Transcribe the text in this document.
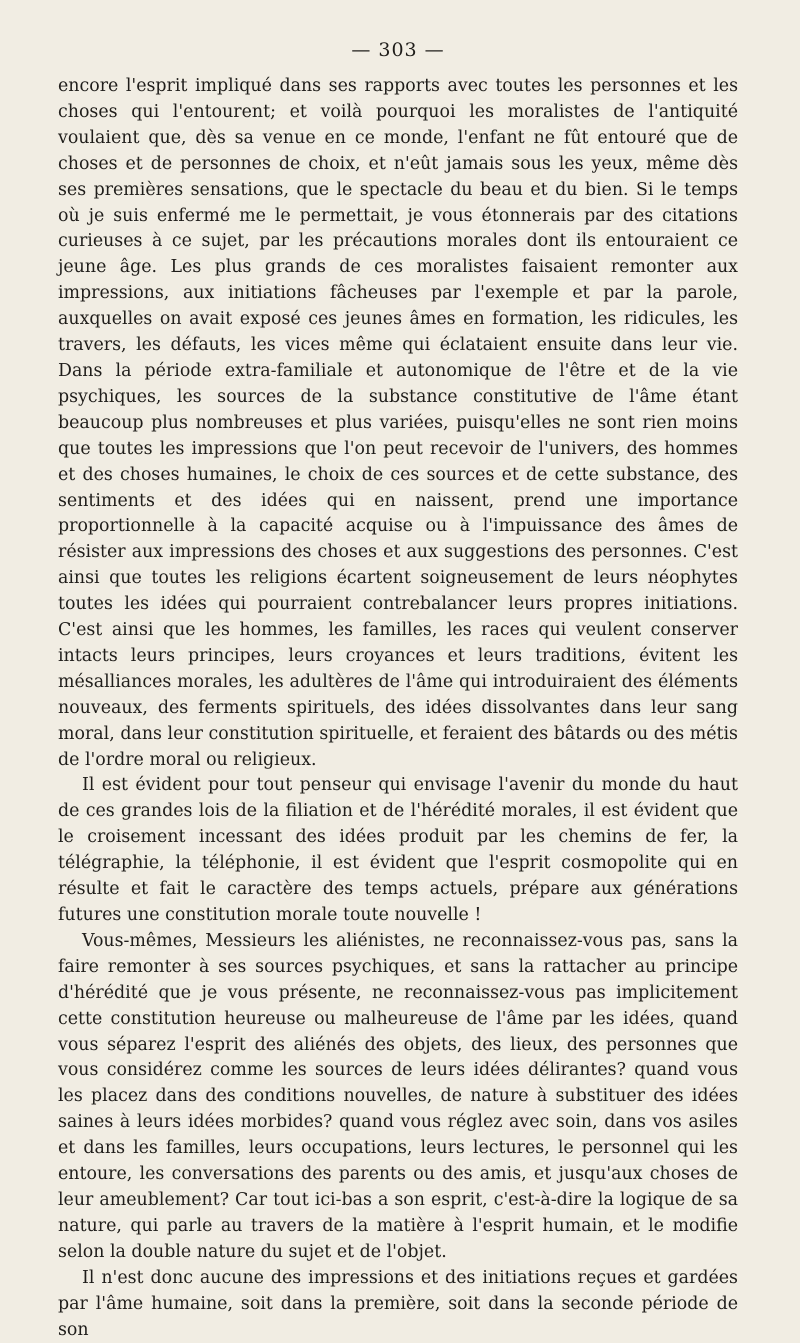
— 303 —

encore l'esprit impliqué dans ses rapports avec toutes les personnes et les choses qui l'entourent; et voilà pourquoi les moralistes de l'antiquité voulaient que, dès sa venue en ce monde, l'enfant ne fût entouré que de choses et de personnes de choix, et n'eût jamais sous les yeux, même dès ses premières sensations, que le spectacle du beau et du bien. Si le temps où je suis enfermé me le permettait, je vous étonnerais par des citations curieuses à ce sujet, par les précautions morales dont ils entouraient ce jeune âge. Les plus grands de ces moralistes faisaient remonter aux impressions, aux initiations fâcheuses par l'exemple et par la parole, auxquelles on avait exposé ces jeunes âmes en formation, les ridicules, les travers, les défauts, les vices même qui éclataient ensuite dans leur vie. Dans la période extra-familiale et autonomique de l'être et de la vie psychiques, les sources de la substance constitutive de l'âme étant beaucoup plus nombreuses et plus variées, puisqu'elles ne sont rien moins que toutes les impressions que l'on peut recevoir de l'univers, des hommes et des choses humaines, le choix de ces sources et de cette substance, des sentiments et des idées qui en naissent, prend une importance proportionnelle à la capacité acquise ou à l'impuissance des âmes de résister aux impressions des choses et aux suggestions des personnes. C'est ainsi que toutes les religions écartent soigneusement de leurs néophytes toutes les idées qui pourraient contrebalancer leurs propres initiations. C'est ainsi que les hommes, les familles, les races qui veulent conserver intacts leurs principes, leurs croyances et leurs traditions, évitent les mésalliances morales, les adultères de l'âme qui introduiraient des éléments nouveaux, des ferments spirituels, des idées dissolvantes dans leur sang moral, dans leur constitution spirituelle, et feraient des bâtards ou des métis de l'ordre moral ou religieux.

Il est évident pour tout penseur qui envisage l'avenir du monde du haut de ces grandes lois de la filiation et de l'hérédité morales, il est évident que le croisement incessant des idées produit par les chemins de fer, la télégraphie, la téléphonie, il est évident que l'esprit cosmopolite qui en résulte et fait le caractère des temps actuels, prépare aux générations futures une constitution morale toute nouvelle !

Vous-mêmes, Messieurs les aliénistes, ne reconnaissez-vous pas, sans la faire remonter à ses sources psychiques, et sans la rattacher au principe d'hérédité que je vous présente, ne reconnaissez-vous pas implicitement cette constitution heureuse ou malheureuse de l'âme par les idées, quand vous séparez l'esprit des aliénés des objets, des lieux, des personnes que vous considérez comme les sources de leurs idées délirantes? quand vous les placez dans des conditions nouvelles, de nature à substituer des idées saines à leurs idées morbides? quand vous réglez avec soin, dans vos asiles et dans les familles, leurs occupations, leurs lectures, le personnel qui les entoure, les conversations des parents ou des amis, et jusqu'aux choses de leur ameublement? Car tout ici-bas a son esprit, c'est-à-dire la logique de sa nature, qui parle au travers de la matière à l'esprit humain, et le modifie selon la double nature du sujet et de l'objet.

Il n'est donc aucune des impressions et des initiations reçues et gardées par l'âme humaine, soit dans la première, soit dans la seconde période de son
